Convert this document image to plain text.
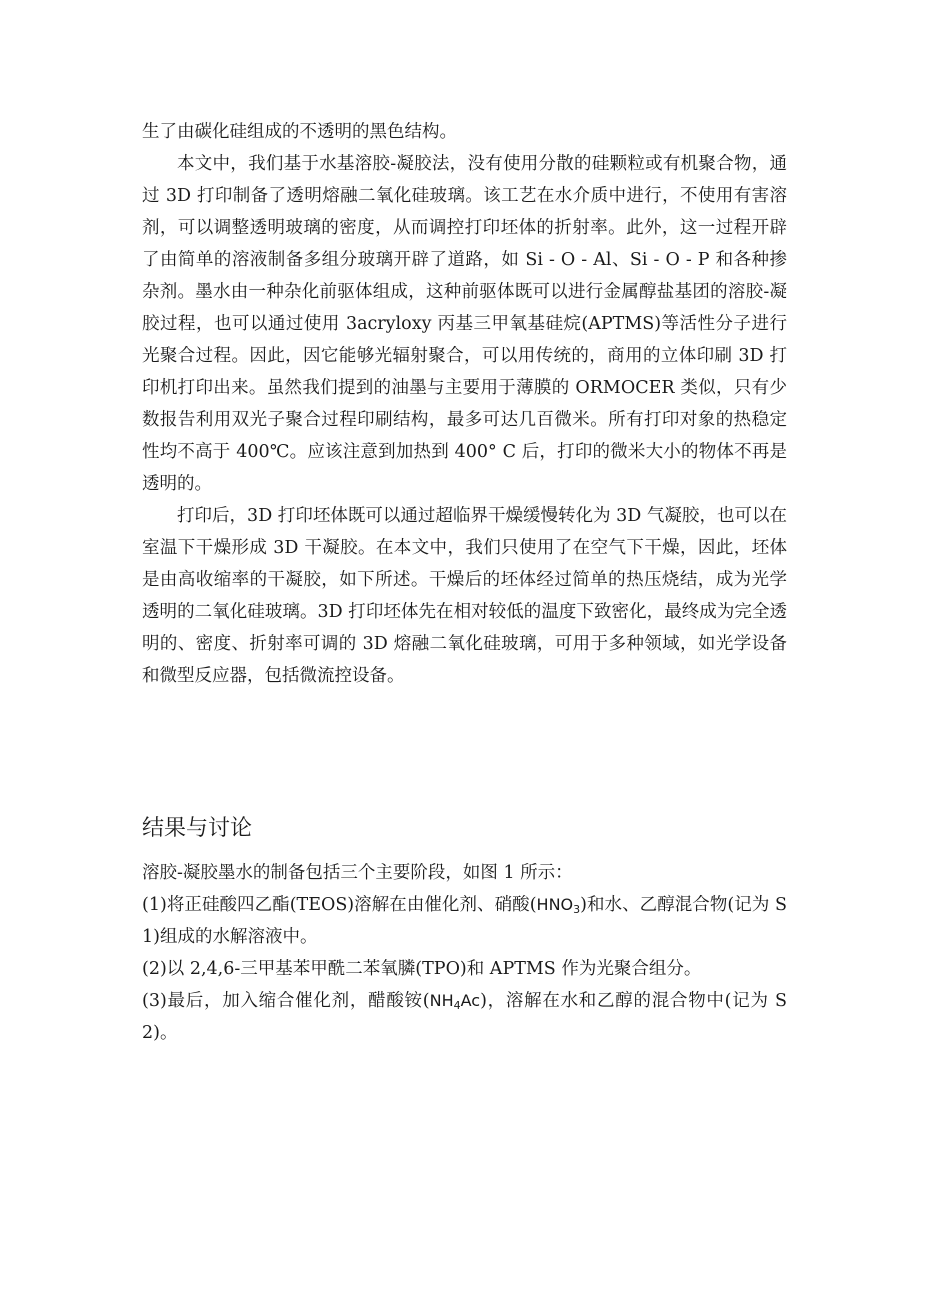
生了由碳化硅组成的不透明的黑色结构。

本文中，我们基于水基溶胶-凝胶法，没有使用分散的硅颗粒或有机聚合物，通过 3D 打印制备了透明熔融二氧化硅玻璃。该工艺在水介质中进行，不使用有害溶剂，可以调整透明玻璃的密度，从而调控打印坯体的折射率。此外，这一过程开辟了由简单的溶液制备多组分玻璃开辟了道路，如 Si - O - Al、Si - O - P 和各种掺杂剂。墨水由一种杂化前驱体组成，这种前驱体既可以进行金属醇盐基团的溶胶-凝胶过程，也可以通过使用 3acryloxy 丙基三甲氧基硅烷(APTMS)等活性分子进行光聚合过程。因此，因它能够光辐射聚合，可以用传统的，商用的立体印刷 3D 打印机打印出来。虽然我们提到的油墨与主要用于薄膜的 ORMOCER 类似，只有少数报告利用双光子聚合过程印刷结构，最多可达几百微米。所有打印对象的热稳定性均不高于 400℃。应该注意到加热到 400° C 后，打印的微米大小的物体不再是透明的。

打印后，3D 打印坯体既可以通过超临界干燥缓慢转化为 3D 气凝胶，也可以在室温下干燥形成 3D 干凝胶。在本文中，我们只使用了在空气下干燥，因此，坯体是由高收缩率的干凝胶，如下所述。干燥后的坯体经过简单的热压烧结，成为光学透明的二氧化硅玻璃。3D 打印坯体先在相对较低的温度下致密化，最终成为完全透明的、密度、折射率可调的 3D 熔融二氧化硅玻璃，可用于多种领域，如光学设备和微型反应器，包括微流控设备。

结果与讨论

溶胶-凝胶墨水的制备包括三个主要阶段，如图 1 所示：

(1)将正硅酸四乙酯(TEOS)溶解在由催化剂、硝酸$(HNO_3)$和水、乙醇混合物(记为 S1)组成的水解溶液中。

(2)以 2,4,6-三甲基苯甲酰二苯氧膦(TPO)和 APTMS 作为光聚合组分。

(3)最后，加入缩合催化剂，醋酸铵$(NH_4Ac)$，溶解在水和乙醇的混合物中(记为 S2)。
